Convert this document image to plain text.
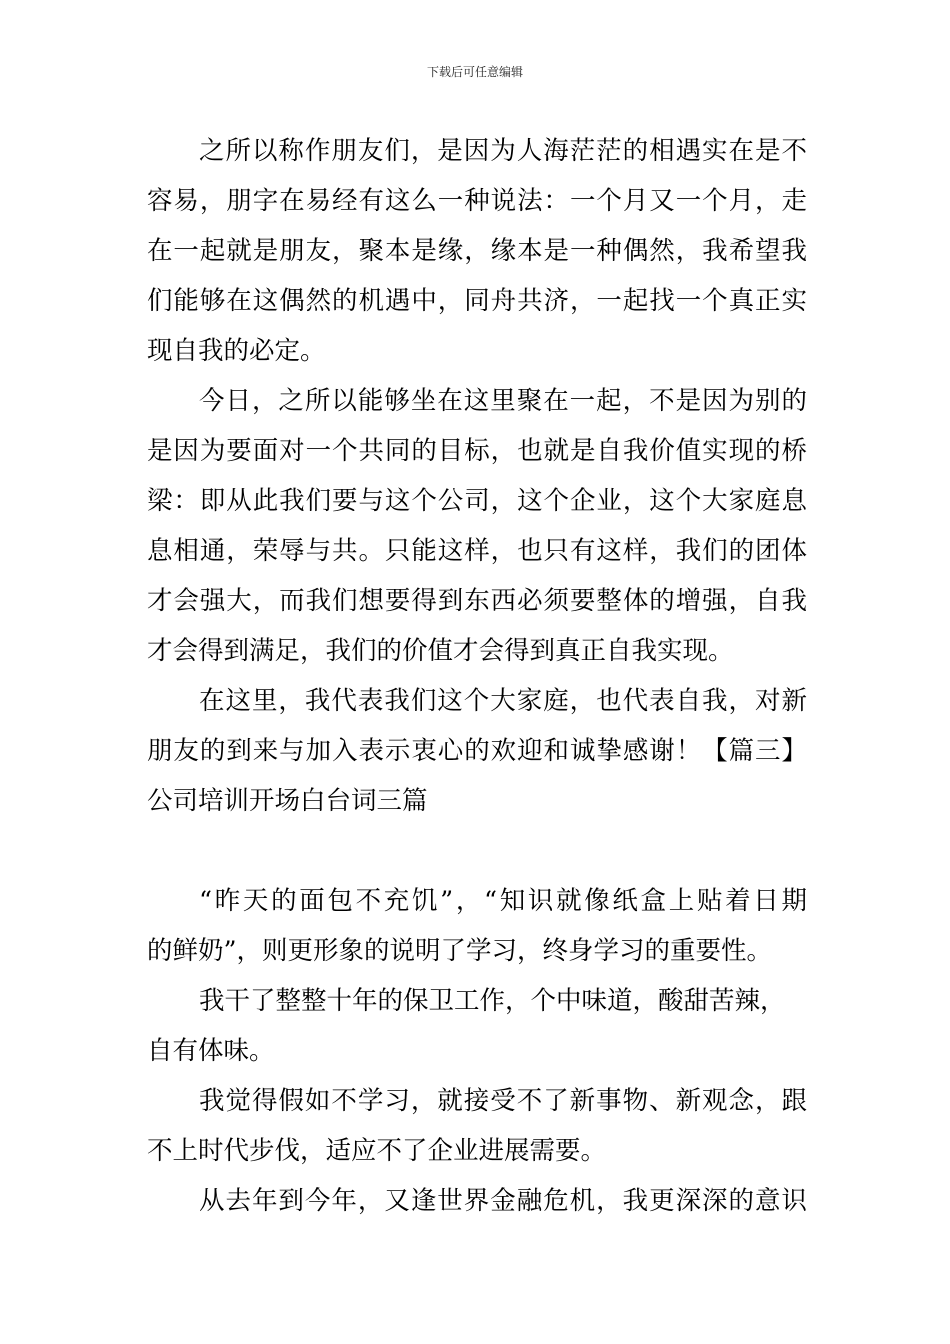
下载后可任意编辑
之所以称作朋友们，是因为人海茫茫的相遇实在是不
容易，朋字在易经有这么一种说法：一个月又一个月，走
在一起就是朋友，聚本是缘，缘本是一种偶然，我希望我
们能够在这偶然的机遇中，同舟共济，一起找一个真正实
现自我的必定。
今日，之所以能够坐在这里聚在一起，不是因为别的
是因为要面对一个共同的目标，也就是自我价值实现的桥
梁：即从此我们要与这个公司，这个企业，这个大家庭息
息相通，荣辱与共。只能这样，也只有这样，我们的团体
才会强大，而我们想要得到东西必须要整体的增强，自我
才会得到满足，我们的价值才会得到真正自我实现。
在这里，我代表我们这个大家庭，也代表自我，对新
朋友的到来与加入表示衷心的欢迎和诚挚感谢！【篇三】
公司培训开场白台词三篇
“昨天的面包不充饥”，“知识就像纸盒上贴着日期
的鲜奶”，则更形象的说明了学习，终身学习的重要性。
我干了整整十年的保卫工作，个中味道，酸甜苦辣，
自有体味。
我觉得假如不学习，就接受不了新事物、新观念，跟
不上时代步伐，适应不了企业进展需要。
从去年到今年，又逢世界金融危机，我更深深的意识
